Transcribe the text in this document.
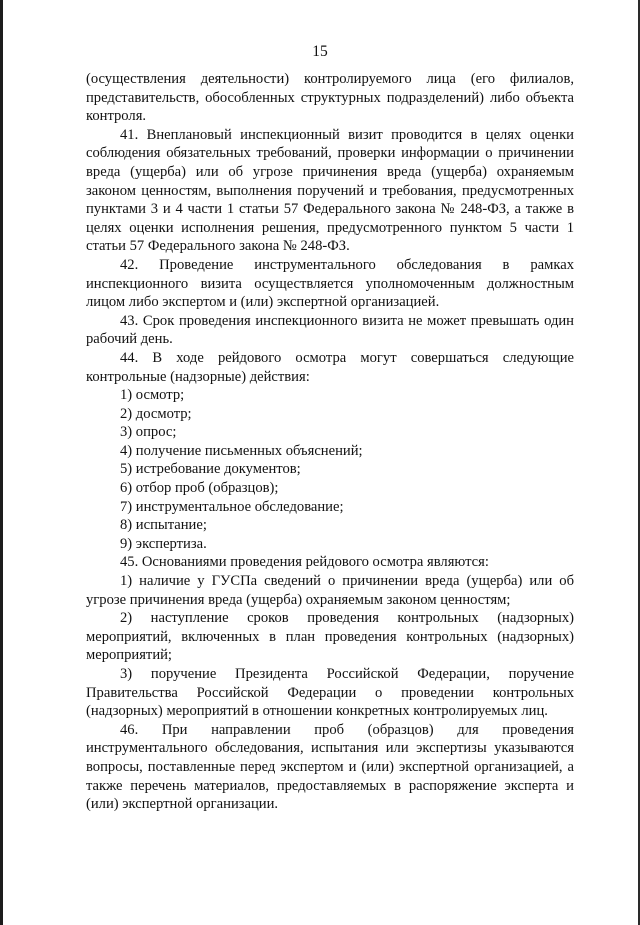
15

(осуществления деятельности) контролируемого лица (его филиалов, представительств, обособленных структурных подразделений) либо объекта контроля.

41. Внеплановый инспекционный визит проводится в целях оценки соблюдения обязательных требований, проверки информации о причинении вреда (ущерба) или об угрозе причинения вреда (ущерба) охраняемым законом ценностям, выполнения поручений и требования, предусмотренных пунктами 3 и 4 части 1 статьи 57 Федерального закона № 248-ФЗ, а также в целях оценки исполнения решения, предусмотренного пунктом 5 части 1 статьи 57 Федерального закона № 248-ФЗ.

42. Проведение инструментального обследования в рамках инспекционного визита осуществляется уполномоченным должностным лицом либо экспертом и (или) экспертной организацией.

43. Срок проведения инспекционного визита не может превышать один рабочий день.

44. В ходе рейдового осмотра могут совершаться следующие контрольные (надзорные) действия:

1) осмотр;

2) досмотр;

3) опрос;

4) получение письменных объяснений;

5) истребование документов;

6) отбор проб (образцов);

7) инструментальное обследование;

8) испытание;

9) экспертиза.

45. Основаниями проведения рейдового осмотра являются:

1) наличие у ГУСПа сведений о причинении вреда (ущерба) или об угрозе причинения вреда (ущерба) охраняемым законом ценностям;

2) наступление сроков проведения контрольных (надзорных) мероприятий, включенных в план проведения контрольных (надзорных) мероприятий;

3) поручение Президента Российской Федерации, поручение Правительства Российской Федерации о проведении контрольных (надзорных) мероприятий в отношении конкретных контролируемых лиц.

46. При направлении проб (образцов) для проведения инструментального обследования, испытания или экспертизы указываются вопросы, поставленные перед экспертом и (или) экспертной организацией, а также перечень материалов, предоставляемых в распоряжение эксперта и (или) экспертной организации.
